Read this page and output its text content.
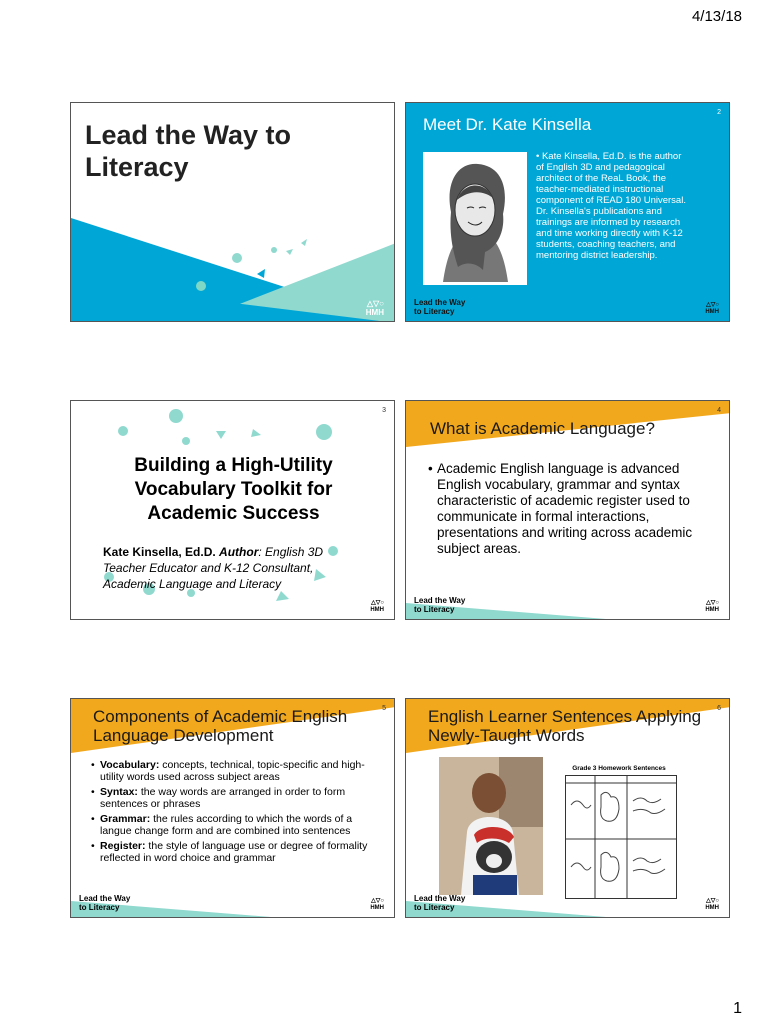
4/13/18
Lead the Way to Literacy
△▽○
HMH
2
Meet Dr. Kate Kinsella
• Kate Kinsella, Ed.D. is the author of English 3D and pedagogical architect of the ReaL Book, the teacher-mediated instructional component of READ 180 Universal. Dr. Kinsella's publications and trainings are informed by research and time working directly with K-12 students, coaching teachers, and mentoring district leadership.
Lead the Way
to Literacy
△▽○
HMH
3
Building a High-Utility Vocabulary Toolkit for Academic Success
Kate Kinsella, Ed.D. Author: English 3D Teacher Educator and K-12 Consultant, Academic Language and Literacy
△▽○
HMH
4
What is Academic Language?
• Academic English language is advanced English vocabulary, grammar and syntax characteristic of academic register used to communicate in formal interactions, presentations and writing across academic subject areas.
Lead the Way
to Literacy
△▽○
HMH
5
Components of Academic English Language Development
• Vocabulary: concepts, technical, topic-specific and high-utility words used across subject areas
• Syntax: the way words are arranged in order to form sentences or phrases
• Grammar: the rules according to which the words of a langue change form and are combined into sentences
• Register: the style of language use or degree of formality reflected in word choice and grammar
Lead the Way
to Literacy
△▽○
HMH
6
English Learner Sentences Applying Newly-Taught Words
Grade 3 Homework Sentences
Lead the Way
to Literacy
△▽○
HMH
1
